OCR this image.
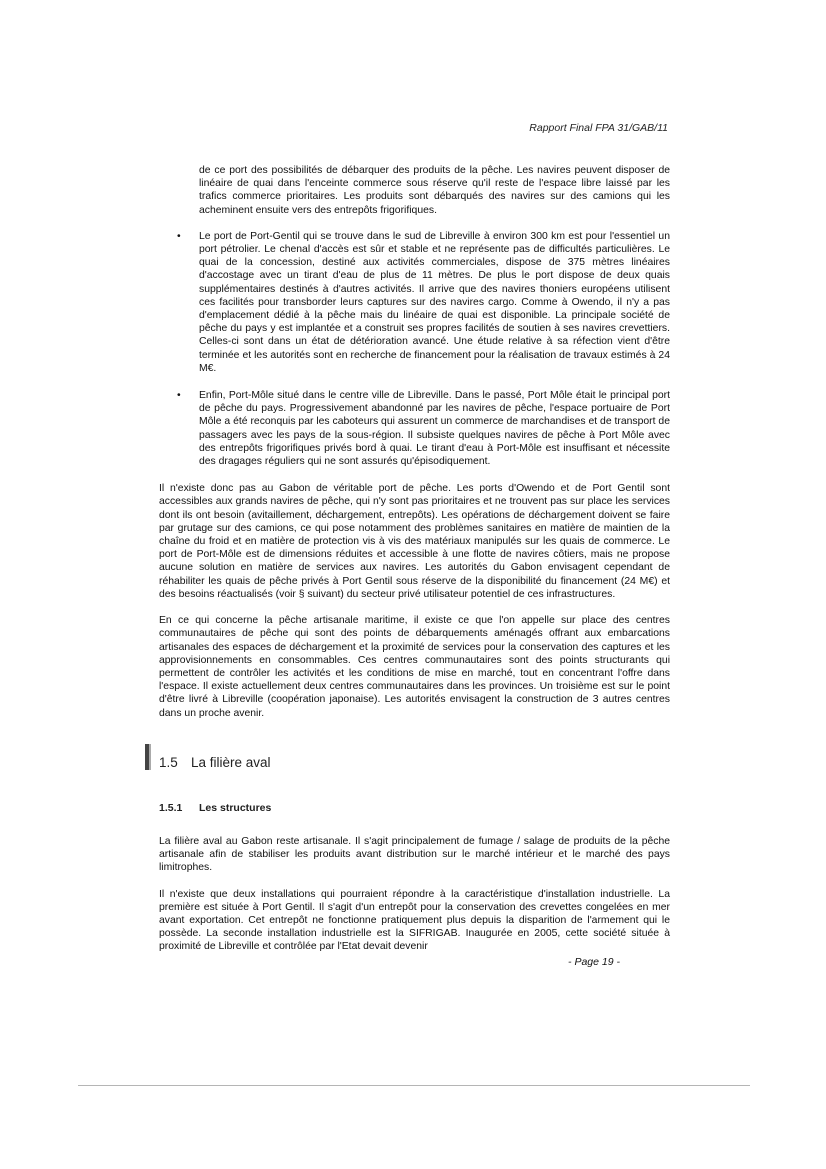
Rapport Final FPA 31/GAB/11

de ce port des possibilités de débarquer des produits de la pêche. Les navires peuvent disposer de linéaire de quai dans l'enceinte commerce sous réserve qu'il reste de l'espace libre laissé par les trafics commerce prioritaires. Les produits sont débarqués des navires sur des camions qui les acheminent ensuite vers des entrepôts frigorifiques.

• Le port de Port-Gentil qui se trouve dans le sud de Libreville à environ 300 km est pour l'essentiel un port pétrolier. Le chenal d'accès est sûr et stable et ne représente pas de difficultés particulières. Le quai de la concession, destiné aux activités commerciales, dispose de 375 mètres linéaires d'accostage avec un tirant d'eau de plus de 11 mètres. De plus le port dispose de deux quais supplémentaires destinés à d'autres activités. Il arrive que des navires thoniers européens utilisent ces facilités pour transborder leurs captures sur des navires cargo. Comme à Owendo, il n'y a pas d'emplacement dédié à la pêche mais du linéaire de quai est disponible. La principale société de pêche du pays y est implantée et a construit ses propres facilités de soutien à ses navires crevettiers. Celles-ci sont dans un état de détérioration avancé. Une étude relative à sa réfection vient d'être terminée et les autorités sont en recherche de financement pour la réalisation de travaux estimés à 24 M€.
• Enfin, Port-Môle situé dans le centre ville de Libreville. Dans le passé, Port Môle était le principal port de pêche du pays. Progressivement abandonné par les navires de pêche, l'espace portuaire de Port Môle a été reconquis par les caboteurs qui assurent un commerce de marchandises et de transport de passagers avec les pays de la sous-région. Il subsiste quelques navires de pêche à Port Môle avec des entrepôts frigorifiques privés bord à quai. Le tirant d'eau à Port-Môle est insuffisant et nécessite des dragages réguliers qui ne sont assurés qu'épisodiquement.

Il n'existe donc pas au Gabon de véritable port de pêche. Les ports d'Owendo et de Port Gentil sont accessibles aux grands navires de pêche, qui n'y sont pas prioritaires et ne trouvent pas sur place les services dont ils ont besoin (avitaillement, déchargement, entrepôts). Les opérations de déchargement doivent se faire par grutage sur des camions, ce qui pose notamment des problèmes sanitaires en matière de maintien de la chaîne du froid et en matière de protection vis à vis des matériaux manipulés sur les quais de commerce. Le port de Port-Môle est de dimensions réduites et accessible à une flotte de navires côtiers, mais ne propose aucune solution en matière de services aux navires. Les autorités du Gabon envisagent cependant de réhabiliter les quais de pêche privés à Port Gentil sous réserve de la disponibilité du financement (24 M€) et des besoins réactualisés (voir § suivant) du secteur privé utilisateur potentiel de ces infrastructures.

En ce qui concerne la pêche artisanale maritime, il existe ce que l'on appelle sur place des centres communautaires de pêche qui sont des points de débarquements aménagés offrant aux embarcations artisanales des espaces de déchargement et la proximité de services pour la conservation des captures et les approvisionnements en consommables. Ces centres communautaires sont des points structurants qui permettent de contrôler les activités et les conditions de mise en marché, tout en concentrant l'offre dans l'espace. Il existe actuellement deux centres communautaires dans les provinces. Un troisième est sur le point d'être livré à Libreville (coopération japonaise). Les autorités envisagent la construction de 3 autres centres dans un proche avenir.

1.5 La filière aval
1.5.1 Les structures

La filière aval au Gabon reste artisanale. Il s'agit principalement de fumage / salage de produits de la pêche artisanale afin de stabiliser les produits avant distribution sur le marché intérieur et le marché des pays limitrophes.

Il n'existe que deux installations qui pourraient répondre à la caractéristique d'installation industrielle. La première est située à Port Gentil. Il s'agit d'un entrepôt pour la conservation des crevettes congelées en mer avant exportation. Cet entrepôt ne fonctionne pratiquement plus depuis la disparition de l'armement qui le possède. La seconde installation industrielle est la SIFRIGAB. Inaugurée en 2005, cette société située à proximité de Libreville et contrôlée par l'Etat devait devenir

- Page 19 -
